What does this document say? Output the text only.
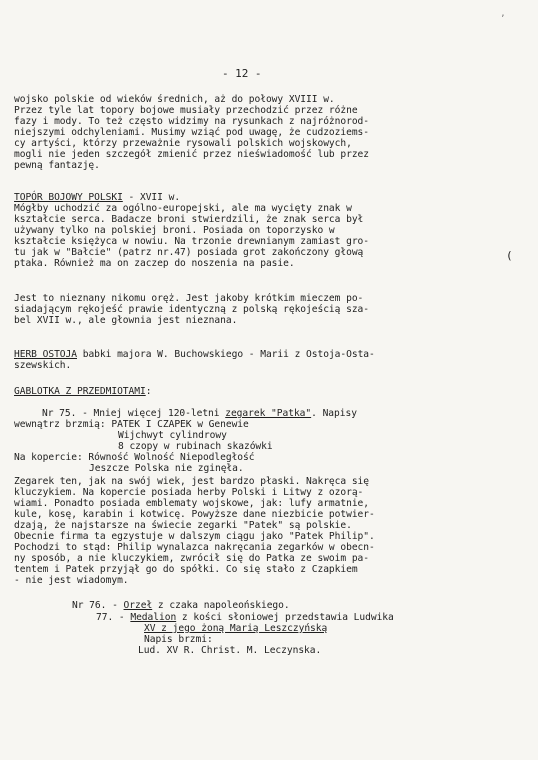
- 12 -
wojsko polskie od wieków średnich, aż do połowy XVIII w.
Przez tyle lat topory bojowe musiały przechodzić przez różne
fazy i mody. To też często widzimy na rysunkach z najróżnorod-
niejszymi odchyleniami. Musimy wziąć pod uwagę, że cudzoziems-
cy artyści, którzy przeważnie rysowali polskich wojskowych,
mogli nie jeden szczegół zmienić przez nieświadomość lub przez
pewną fantazję.
TOPÓR BOJOWY POLSKI - XVII w.
Mógłby uchodzić za ogólno-europejski, ale ma wycięty znak w
kształcie serca. Badacze broni stwierdzili, że znak serca był
używany tylko na polskiej broni. Posiada on toporzysko w
kształcie księżyca w nowiu. Na trzonie drewnianym zamiast gro-
tu jak w "Bałcie" (patrz nr.47) posiada grot zakończony głową
ptaka. Również ma on zaczep do noszenia na pasie.
(
Jest to nieznany nikomu oręż. Jest jakoby krótkim mieczem po-
siadającym rękojeść prawie identyczną z polską rękojeścią sza-
bel XVII w., ale głownia jest nieznana.
HERB OSTOJA babki majora W. Buchowskiego - Marii z Ostoja-Osta-
szewskich.
GABLOTKA Z PRZEDMIOTAMI:
Nr 75. - Mniej więcej 120-letni zegarek "Patka". Napisy
wewnątrz brzmią: PATEK I CZAPEK w Genewie
Wijchwyt cylindrowy
8 czopy w rubinach skazówki
Na kopercie: Równość Wolność Niepodległość
Jeszcze Polska nie zginęła.
Zegarek ten, jak na swój wiek, jest bardzo płaski. Nakręca się
kluczykiem. Na kopercie posiada herby Polski i Litwy z ozorą-
wiami. Ponadto posiada emblematy wojskowe, jak: lufy armatnie,
kule, kosę, karabin i kotwicę. Powyższe dane niezbicie potwier-
dzają, że najstarsze na świecie zegarki "Patek" są polskie.
Obecnie firma ta egzystuje w dalszym ciągu jako "Patek Philip".
Pochodzi to stąd: Philip wynalazca nakręcania zegarków w obecn-
ny sposób, a nie kluczykiem, zwrócił się do Patka ze swoim pa-
tentem i Patek przyjął go do spółki. Co się stało z Czapkiem
- nie jest wiadomym.
Nr 76. - Orzeł z czaka napoleońskiego.
77. - Medalion z kości słoniowej przedstawia Ludwika
XV z jego żoną Marią Leszczyńską
Napis brzmi:
Lud. XV R. Christ. M. Leczynska.
ʼ
